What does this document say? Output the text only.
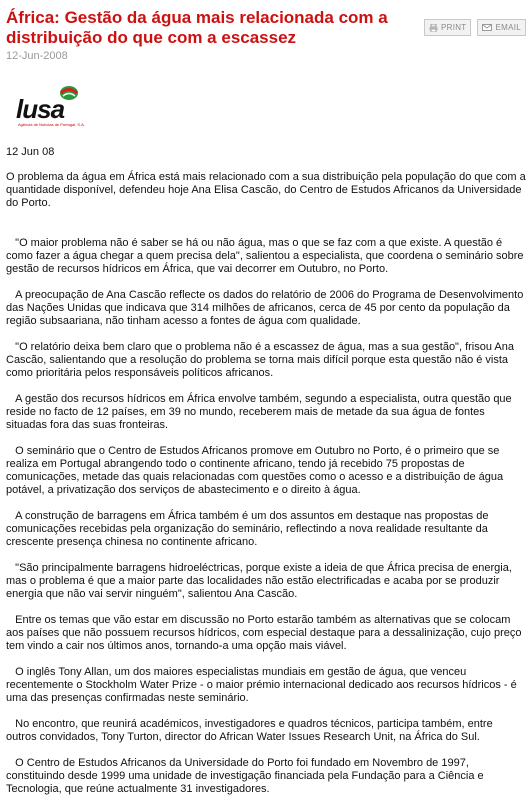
África: Gestão da água mais relacionada com a distribuição do que com a escassez
12-Jun-2008
PRINT	EMAIL
lusa
Agência de Notícias de Portugal, S.A.
12 Jun 08

O problema da água em África está mais relacionado com a sua distribuição pela população do que com a quantidade disponível, defendeu hoje Ana Elisa Cascão, do Centro de Estudos Africanos da Universidade do Porto.

"O maior problema não é saber se há ou não água, mas o que se faz com a que existe. A questão é como fazer a água chegar a quem precisa dela", salientou a especialista, que coordena o seminário sobre gestão de recursos hídricos em África, que vai decorrer em Outubro, no Porto.

A preocupação de Ana Cascão reflecte os dados do relatório de 2006 do Programa de Desenvolvimento das Nações Unidas que indicava que 314 milhões de africanos, cerca de 45 por cento da população da região subsaariana, não tinham acesso a fontes de água com qualidade.

"O relatório deixa bem claro que o problema não é a escassez de água, mas a sua gestão", frisou Ana Cascão, salientando que a resolução do problema se torna mais difícil porque esta questão não é vista como prioritária pelos responsáveis políticos africanos.

A gestão dos recursos hídricos em África envolve também, segundo a especialista, outra questão que reside no facto de 12 países, em 39 no mundo, receberem mais de metade da sua água de fontes situadas fora das suas fronteiras.

O seminário que o Centro de Estudos Africanos promove em Outubro no Porto, é o primeiro que se realiza em Portugal abrangendo todo o continente africano, tendo já recebido 75 propostas de comunicações, metade das quais relacionadas com questões como o acesso e a distribuição de água potável, a privatização dos serviços de abastecimento e o direito à água.

A construção de barragens em África também é um dos assuntos em destaque nas propostas de comunicações recebidas pela organização do seminário, reflectindo a nova realidade resultante da crescente presença chinesa no continente africano.

"São principalmente barragens hidroeléctricas, porque existe a ideia de que África precisa de energia, mas o problema é que a maior parte das localidades não estão electrificadas e acaba por se produzir energia que não vai servir ninguém", salientou Ana Cascão.

Entre os temas que vão estar em discussão no Porto estarão também as alternativas que se colocam aos países que não possuem recursos hídricos, com especial destaque para a dessalinização, cujo preço tem vindo a cair nos últimos anos, tornando-a uma opção mais viável.

O inglês Tony Allan, um dos maiores especialistas mundiais em gestão de água, que venceu recentemente o Stockholm Water Prize - o maior prémio internacional dedicado aos recursos hídricos - é uma das presenças confirmadas neste seminário.

No encontro, que reunirá académicos, investigadores e quadros técnicos, participa também, entre outros convidados, Tony Turton, director do African Water Issues Research Unit, na África do Sul.

O Centro de Estudos Africanos da Universidade do Porto foi fundado em Novembro de 1997, constituindo desde 1999 uma unidade de investigação financiada pela Fundação para a Ciência e Tecnologia, que reúne actualmente 31 investigadores.
